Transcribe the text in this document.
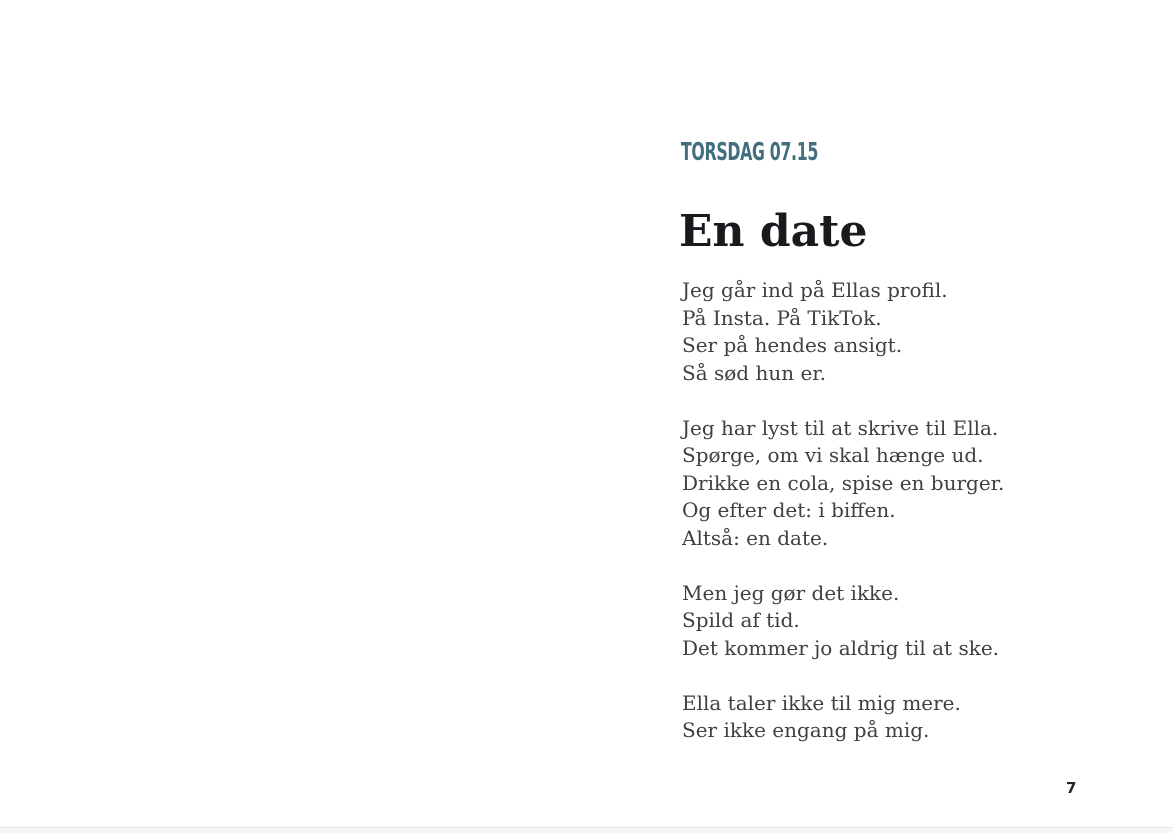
TORSDAG 07.15
En date
Jeg går ind på Ellas profil.
På Insta. På TikTok.
Ser på hendes ansigt.
Så sød hun er.
Jeg har lyst til at skrive til Ella.
Spørge, om vi skal hænge ud.
Drikke en cola, spise en burger.
Og efter det: i biffen.
Altså: en date.
Men jeg gør det ikke.
Spild af tid.
Det kommer jo aldrig til at ske.
Ella taler ikke til mig mere.
Ser ikke engang på mig.
7
